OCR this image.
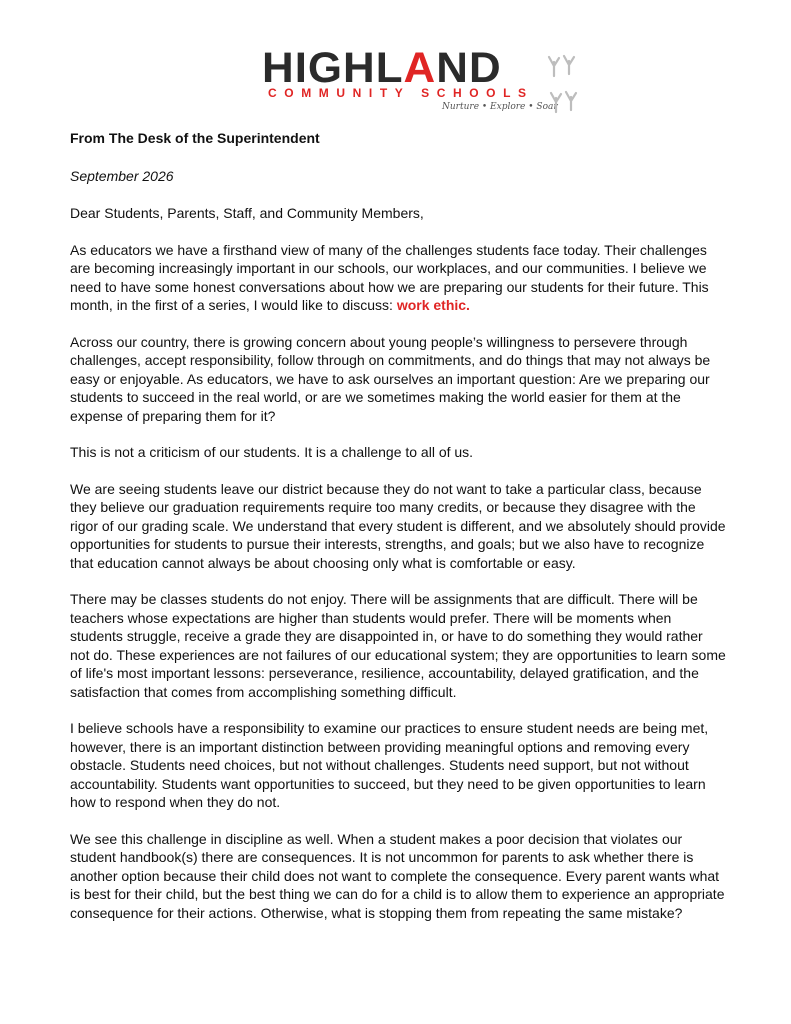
HIGHLAND
COMMUNITY SCHOOLS
Nurture • Explore • Soar
From The Desk of the Superintendent
September 2026

Dear Students, Parents, Staff, and Community Members,

As educators we have a firsthand view of many of the challenges students face today. Their challenges are becoming increasingly important in our schools, our workplaces, and our communities. I believe we need to have some honest conversations about how we are preparing our students for their future. This month, in the first of a series, I would like to discuss: work ethic.

Across our country, there is growing concern about young people’s willingness to persevere through challenges, accept responsibility, follow through on commitments, and do things that may not always be easy or enjoyable. As educators, we have to ask ourselves an important question: Are we preparing our students to succeed in the real world, or are we sometimes making the world easier for them at the expense of preparing them for it?

This is not a criticism of our students. It is a challenge to all of us.

We are seeing students leave our district because they do not want to take a particular class, because they believe our graduation requirements require too many credits, or because they disagree with the rigor of our grading scale. We understand that every student is different, and we absolutely should provide opportunities for students to pursue their interests, strengths, and goals; but we also have to recognize that education cannot always be about choosing only what is comfortable or easy.

There may be classes students do not enjoy. There will be assignments that are difficult. There will be teachers whose expectations are higher than students would prefer. There will be moments when students struggle, receive a grade they are disappointed in, or have to do something they would rather not do. These experiences are not failures of our educational system; they are opportunities to learn some of life's most important lessons: perseverance, resilience, accountability, delayed gratification, and the satisfaction that comes from accomplishing something difficult.

I believe schools have a responsibility to examine our practices to ensure student needs are being met, however, there is an important distinction between providing meaningful options and removing every obstacle. Students need choices, but not without challenges. Students need support, but not without accountability. Students want opportunities to succeed, but they need to be given opportunities to learn how to respond when they do not.

We see this challenge in discipline as well. When a student makes a poor decision that violates our student handbook(s) there are consequences. It is not uncommon for parents to ask whether there is another option because their child does not want to complete the consequence. Every parent wants what is best for their child, but the best thing we can do for a child is to allow them to experience an appropriate consequence for their actions. Otherwise, what is stopping them from repeating the same mistake?
